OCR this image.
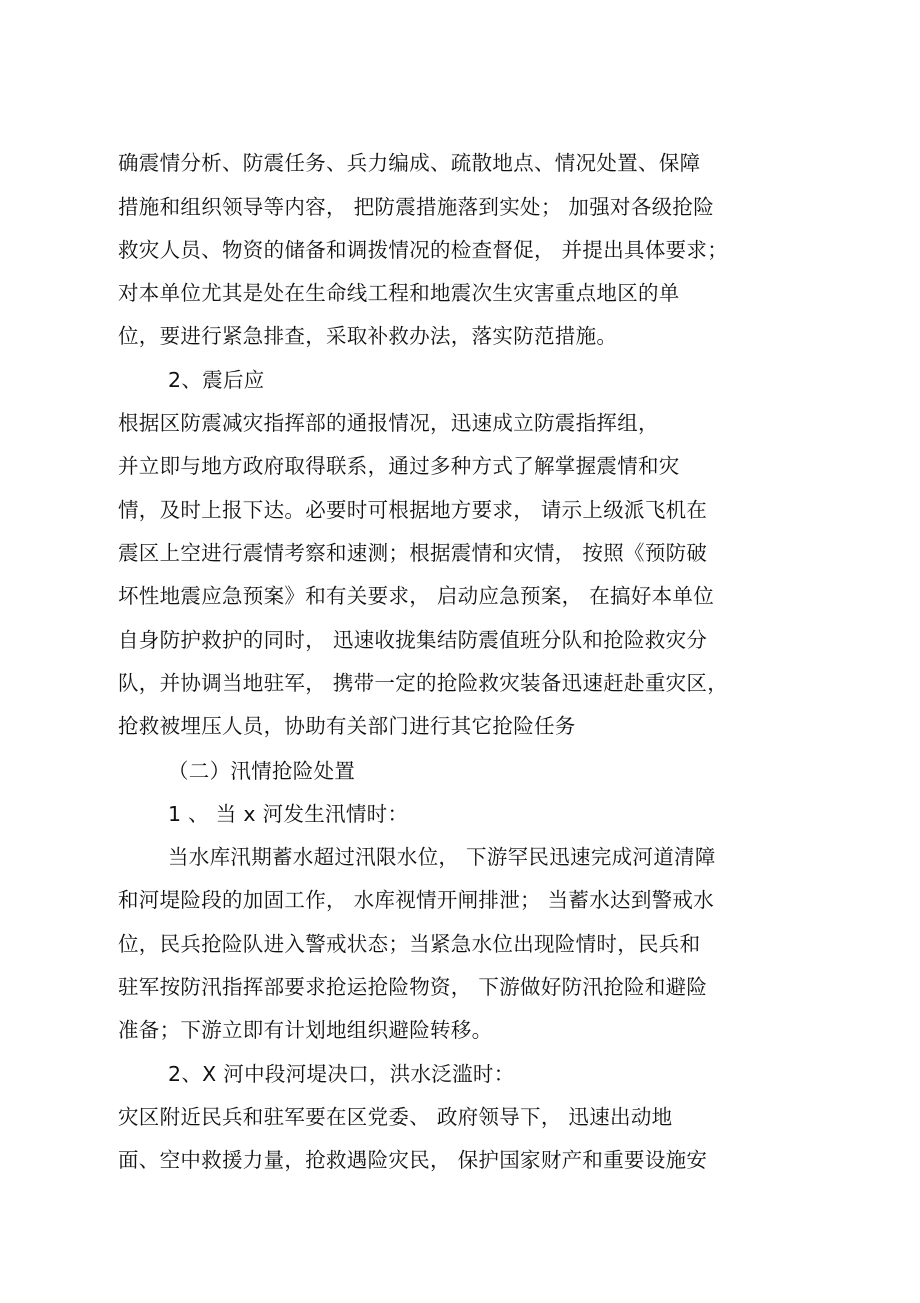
确震情分析、防震任务、兵力编成、疏散地点、情况处置、保障
措施和组织领导等内容， 把防震措施落到实处； 加强对各级抢险
救灾人员、物资的储备和调拨情况的检查督促， 并提出具体要求；
对本单位尤其是处在生命线工程和地震次生灾害重点地区的单
位，要进行紧急排查，采取补救办法，落实防范措施。
2、震后应
根据区防震减灾指挥部的通报情况，迅速成立防震指挥组，
并立即与地方政府取得联系，通过多种方式了解掌握震情和灾
情，及时上报下达。必要时可根据地方要求， 请示上级派飞机在
震区上空进行震情考察和速测；根据震情和灾情， 按照《预防破
坏性地震应急预案》和有关要求， 启动应急预案， 在搞好本单位
自身防护救护的同时， 迅速收拢集结防震值班分队和抢险救灾分
队，并协调当地驻军， 携带一定的抢险救灾装备迅速赶赴重灾区，
抢救被埋压人员，协助有关部门进行其它抢险任务
（二）汛情抢险处置
1 、 当 x 河发生汛情时：
当水库汛期蓄水超过汛限水位， 下游罕民迅速完成河道清障
和河堤险段的加固工作， 水库视情开闸排泄； 当蓄水达到警戒水
位，民兵抢险队进入警戒状态；当紧急水位出现险情时，民兵和
驻军按防汛指挥部要求抢运抢险物资， 下游做好防汛抢险和避险
准备；下游立即有计划地组织避险转移。
2、X 河中段河堤决口，洪水泛滥时：
灾区附近民兵和驻军要在区党委、 政府领导下， 迅速出动地
面、空中救援力量，抢救遇险灾民， 保护国家财产和重要设施安
